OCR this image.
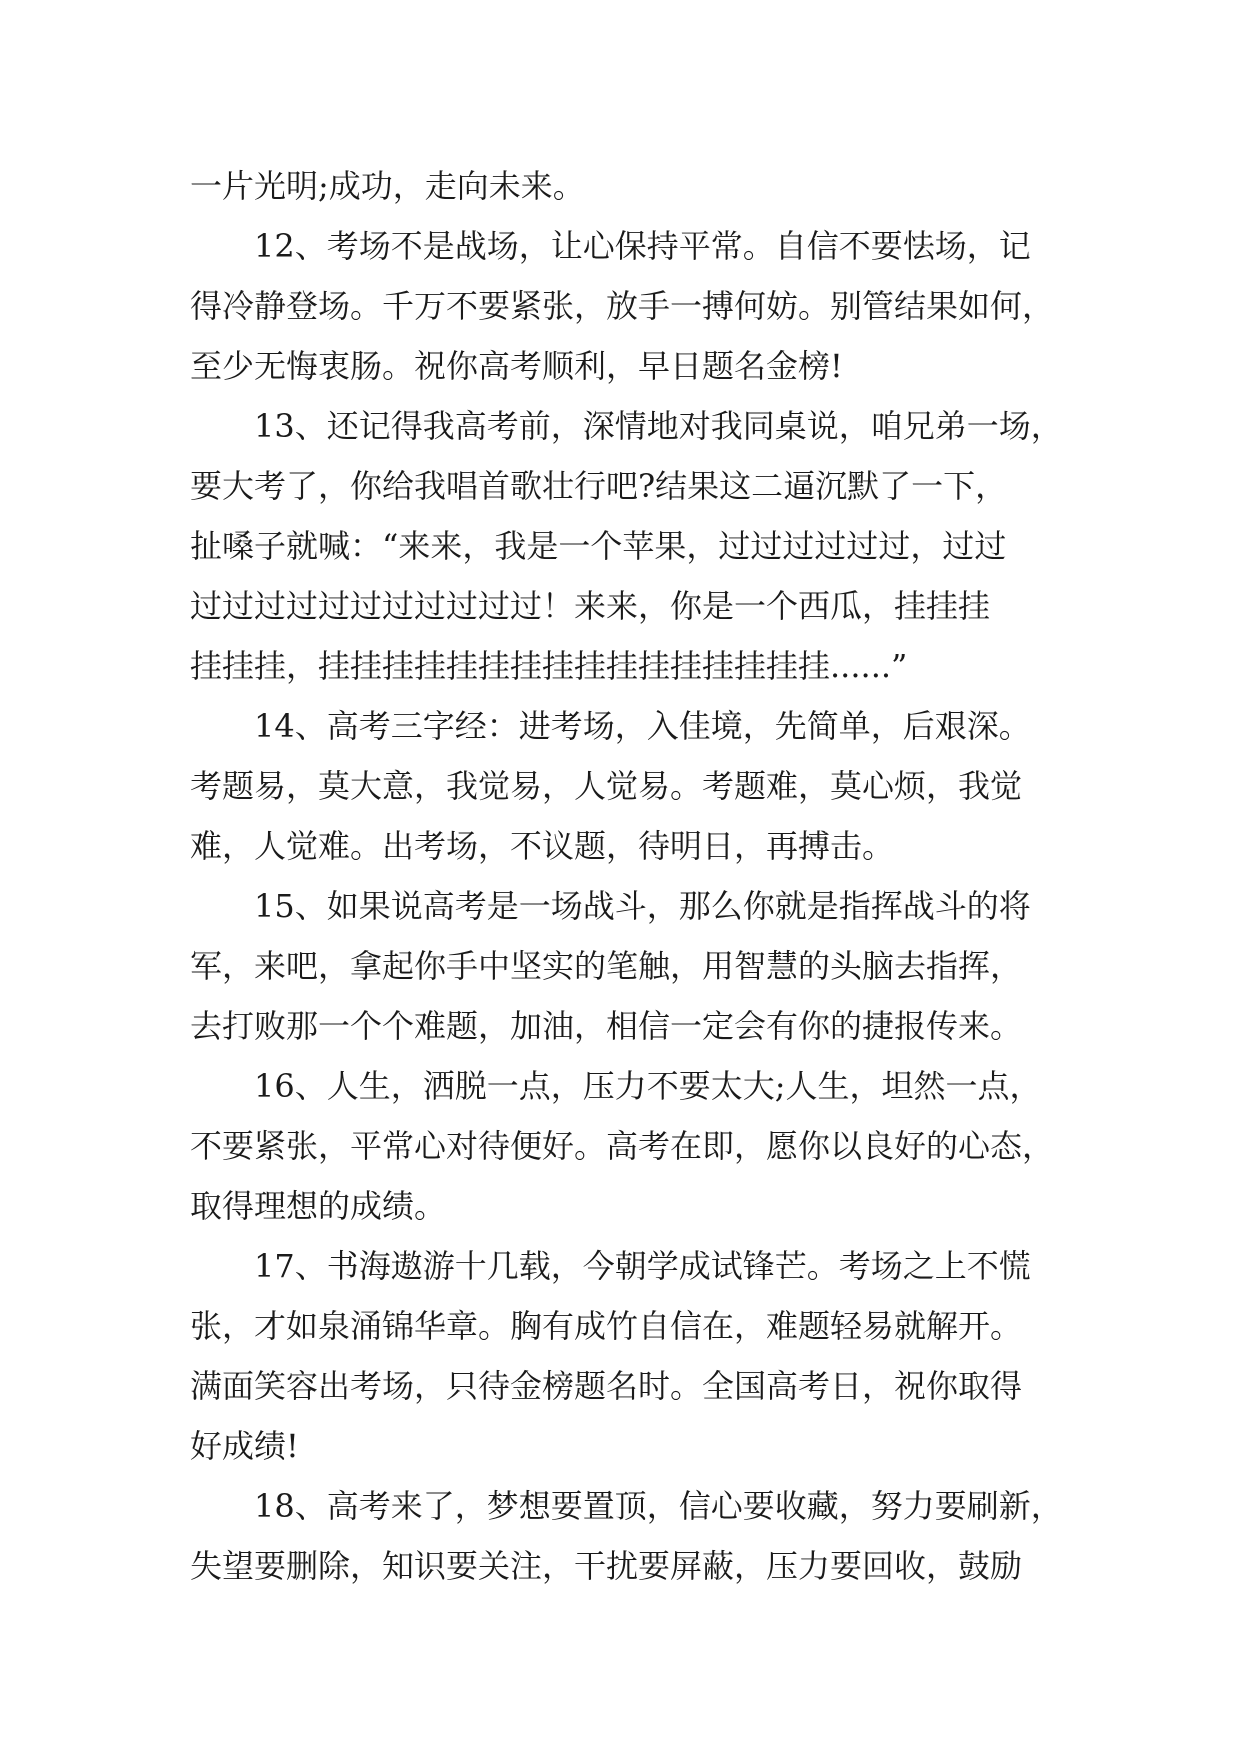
一片光明;成功，走向未来。
12、考场不是战场，让心保持平常。自信不要怯场，记
得冷静登场。千万不要紧张，放手一搏何妨。别管结果如何，
至少无悔衷肠。祝你高考顺利，早日题名金榜!
13、还记得我高考前，深情地对我同桌说，咱兄弟一场，
要大考了，你给我唱首歌壮行吧?结果这二逼沉默了一下，
扯嗓子就喊：“来来，我是一个苹果，过过过过过过，过过
过过过过过过过过过过过！来来，你是一个西瓜，挂挂挂
挂挂挂，挂挂挂挂挂挂挂挂挂挂挂挂挂挂挂挂......”
14、高考三字经：进考场，入佳境，先简单，后艰深。
考题易，莫大意，我觉易，人觉易。考题难，莫心烦，我觉
难，人觉难。出考场，不议题，待明日，再搏击。
15、如果说高考是一场战斗，那么你就是指挥战斗的将
军，来吧，拿起你手中坚实的笔触，用智慧的头脑去指挥，
去打败那一个个难题，加油，相信一定会有你的捷报传来。
16、人生，洒脱一点，压力不要太大;人生，坦然一点，
不要紧张，平常心对待便好。高考在即，愿你以良好的心态，
取得理想的成绩。
17、书海遨游十几载，今朝学成试锋芒。考场之上不慌
张，才如泉涌锦华章。胸有成竹自信在，难题轻易就解开。
满面笑容出考场，只待金榜题名时。全国高考日，祝你取得
好成绩!
18、高考来了，梦想要置顶，信心要收藏，努力要刷新，
失望要删除，知识要关注，干扰要屏蔽，压力要回收，鼓励
